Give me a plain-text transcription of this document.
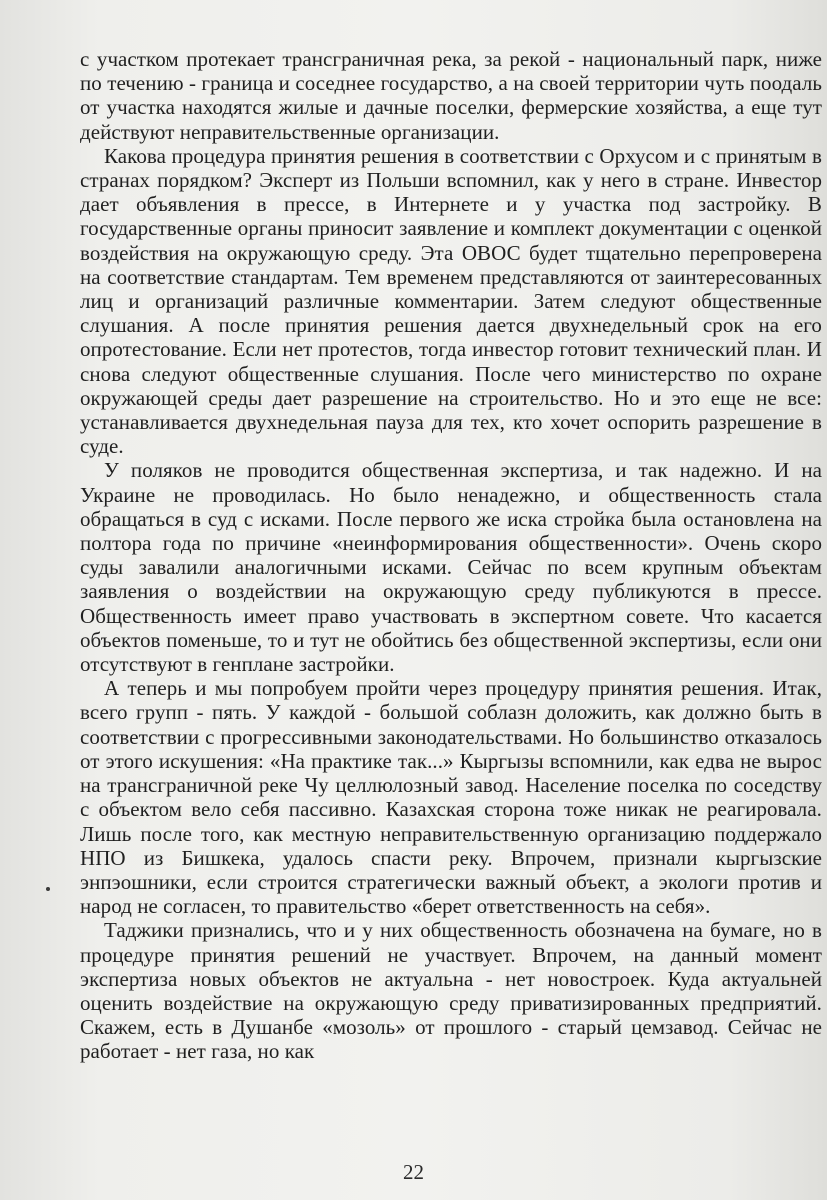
с участком протекает трансграничная река, за рекой - национальный парк, ниже по течению - граница и соседнее государство, а на своей территории чуть поодаль от участка находятся жилые и дачные поселки, фермерские хозяйства, а еще тут действуют неправительственные организации.

Какова процедура принятия решения в соответствии с Орхусом и с принятым в странах порядком? Эксперт из Польши вспомнил, как у него в стране. Инвестор дает объявления в прессе, в Интернете и у участка под застройку. В государственные органы приносит заявление и комплект документации с оценкой воздействия на окружающую среду. Эта ОВОС будет тщательно перепроверена на соответствие стандартам. Тем временем представляются от заинтересованных лиц и организаций различные комментарии. Затем следуют общественные слушания. А после принятия решения дается двухнедельный срок на его опротестование. Если нет протестов, тогда инвестор готовит технический план. И снова следуют общественные слушания. После чего министерство по охране окружающей среды дает разрешение на строительство. Но и это еще не все: устанавливается двухнедельная пауза для тех, кто хочет оспорить разрешение в суде.

У поляков не проводится общественная экспертиза, и так надежно. И на Украине не проводилась. Но было ненадежно, и общественность стала обращаться в суд с исками. После первого же иска стройка была остановлена на полтора года по причине «неинформирования общественности». Очень скоро суды завалили аналогичными исками. Сейчас по всем крупным объектам заявления о воздействии на окружающую среду публикуются в прессе. Общественность имеет право участвовать в экспертном совете. Что касается объектов поменьше, то и тут не обойтись без общественной экспертизы, если они отсутствуют в генплане застройки.

А теперь и мы попробуем пройти через процедуру принятия решения. Итак, всего групп - пять. У каждой - большой соблазн доложить, как должно быть в соответствии с прогрессивными законодательствами. Но большинство отказалось от этого искушения: «На практике так...» Кыргызы вспомнили, как едва не вырос на трансграничной реке Чу целлюлозный завод. Население поселка по соседству с объектом вело себя пассивно. Казахская сторона тоже никак не реагировала. Лишь после того, как местную неправительственную организацию поддержало НПО из Бишкека, удалось спасти реку. Впрочем, признали кыргызские энпэошники, если строится стратегически важный объект, а экологи против и народ не согласен, то правительство «берет ответственность на себя».

Таджики признались, что и у них общественность обозначена на бумаге, но в процедуре принятия решений не участвует. Впрочем, на данный момент экспертиза новых объектов не актуальна - нет новостроек. Куда актуальней оценить воздействие на окружающую среду приватизированных предприятий. Скажем, есть в Душанбе «мозоль» от прошлого - старый цемзавод. Сейчас не работает - нет газа, но как

22
